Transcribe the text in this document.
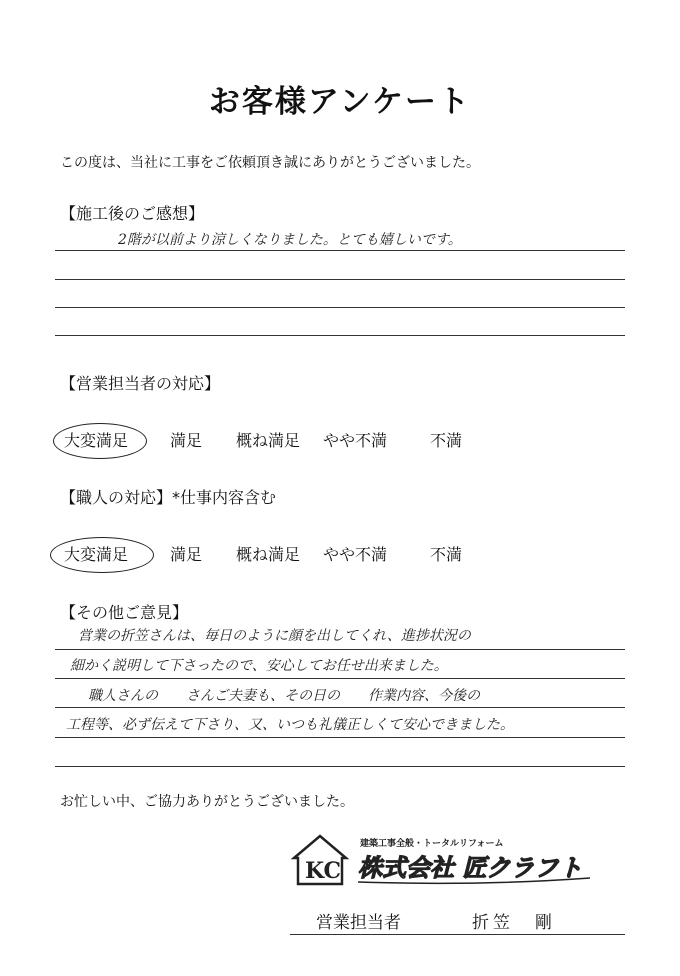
お客様アンケート
この度は、当社に工事をご依頼頂き誠にありがとうございました。
【施工後のご感想】
2階が以前より涼しくなりました。とても嬉しいです。
【営業担当者の対応】
大変満足	満足 概ね満足 やや不満	不満
【職人の対応】*仕事内容含む
大変満足	満足 概ね満足 やや不満	不満
【その他ご意見】
営業の折笠さんは、毎日のように顔を出してくれ、進捗状況の
細かく説明して下さったので、安心してお任せ出来ました。
職人さんの　　さんご夫妻も、その日の　　作業内容、今後の
工程等、必ず伝えて下さり、又、いつも礼儀正しくて安心できました。
お忙しい中、ご協力ありがとうございました。
KC
建築工事全般・トータルリフォーム
株式会社 匠クラフト
営業担当者	折笠　剛
